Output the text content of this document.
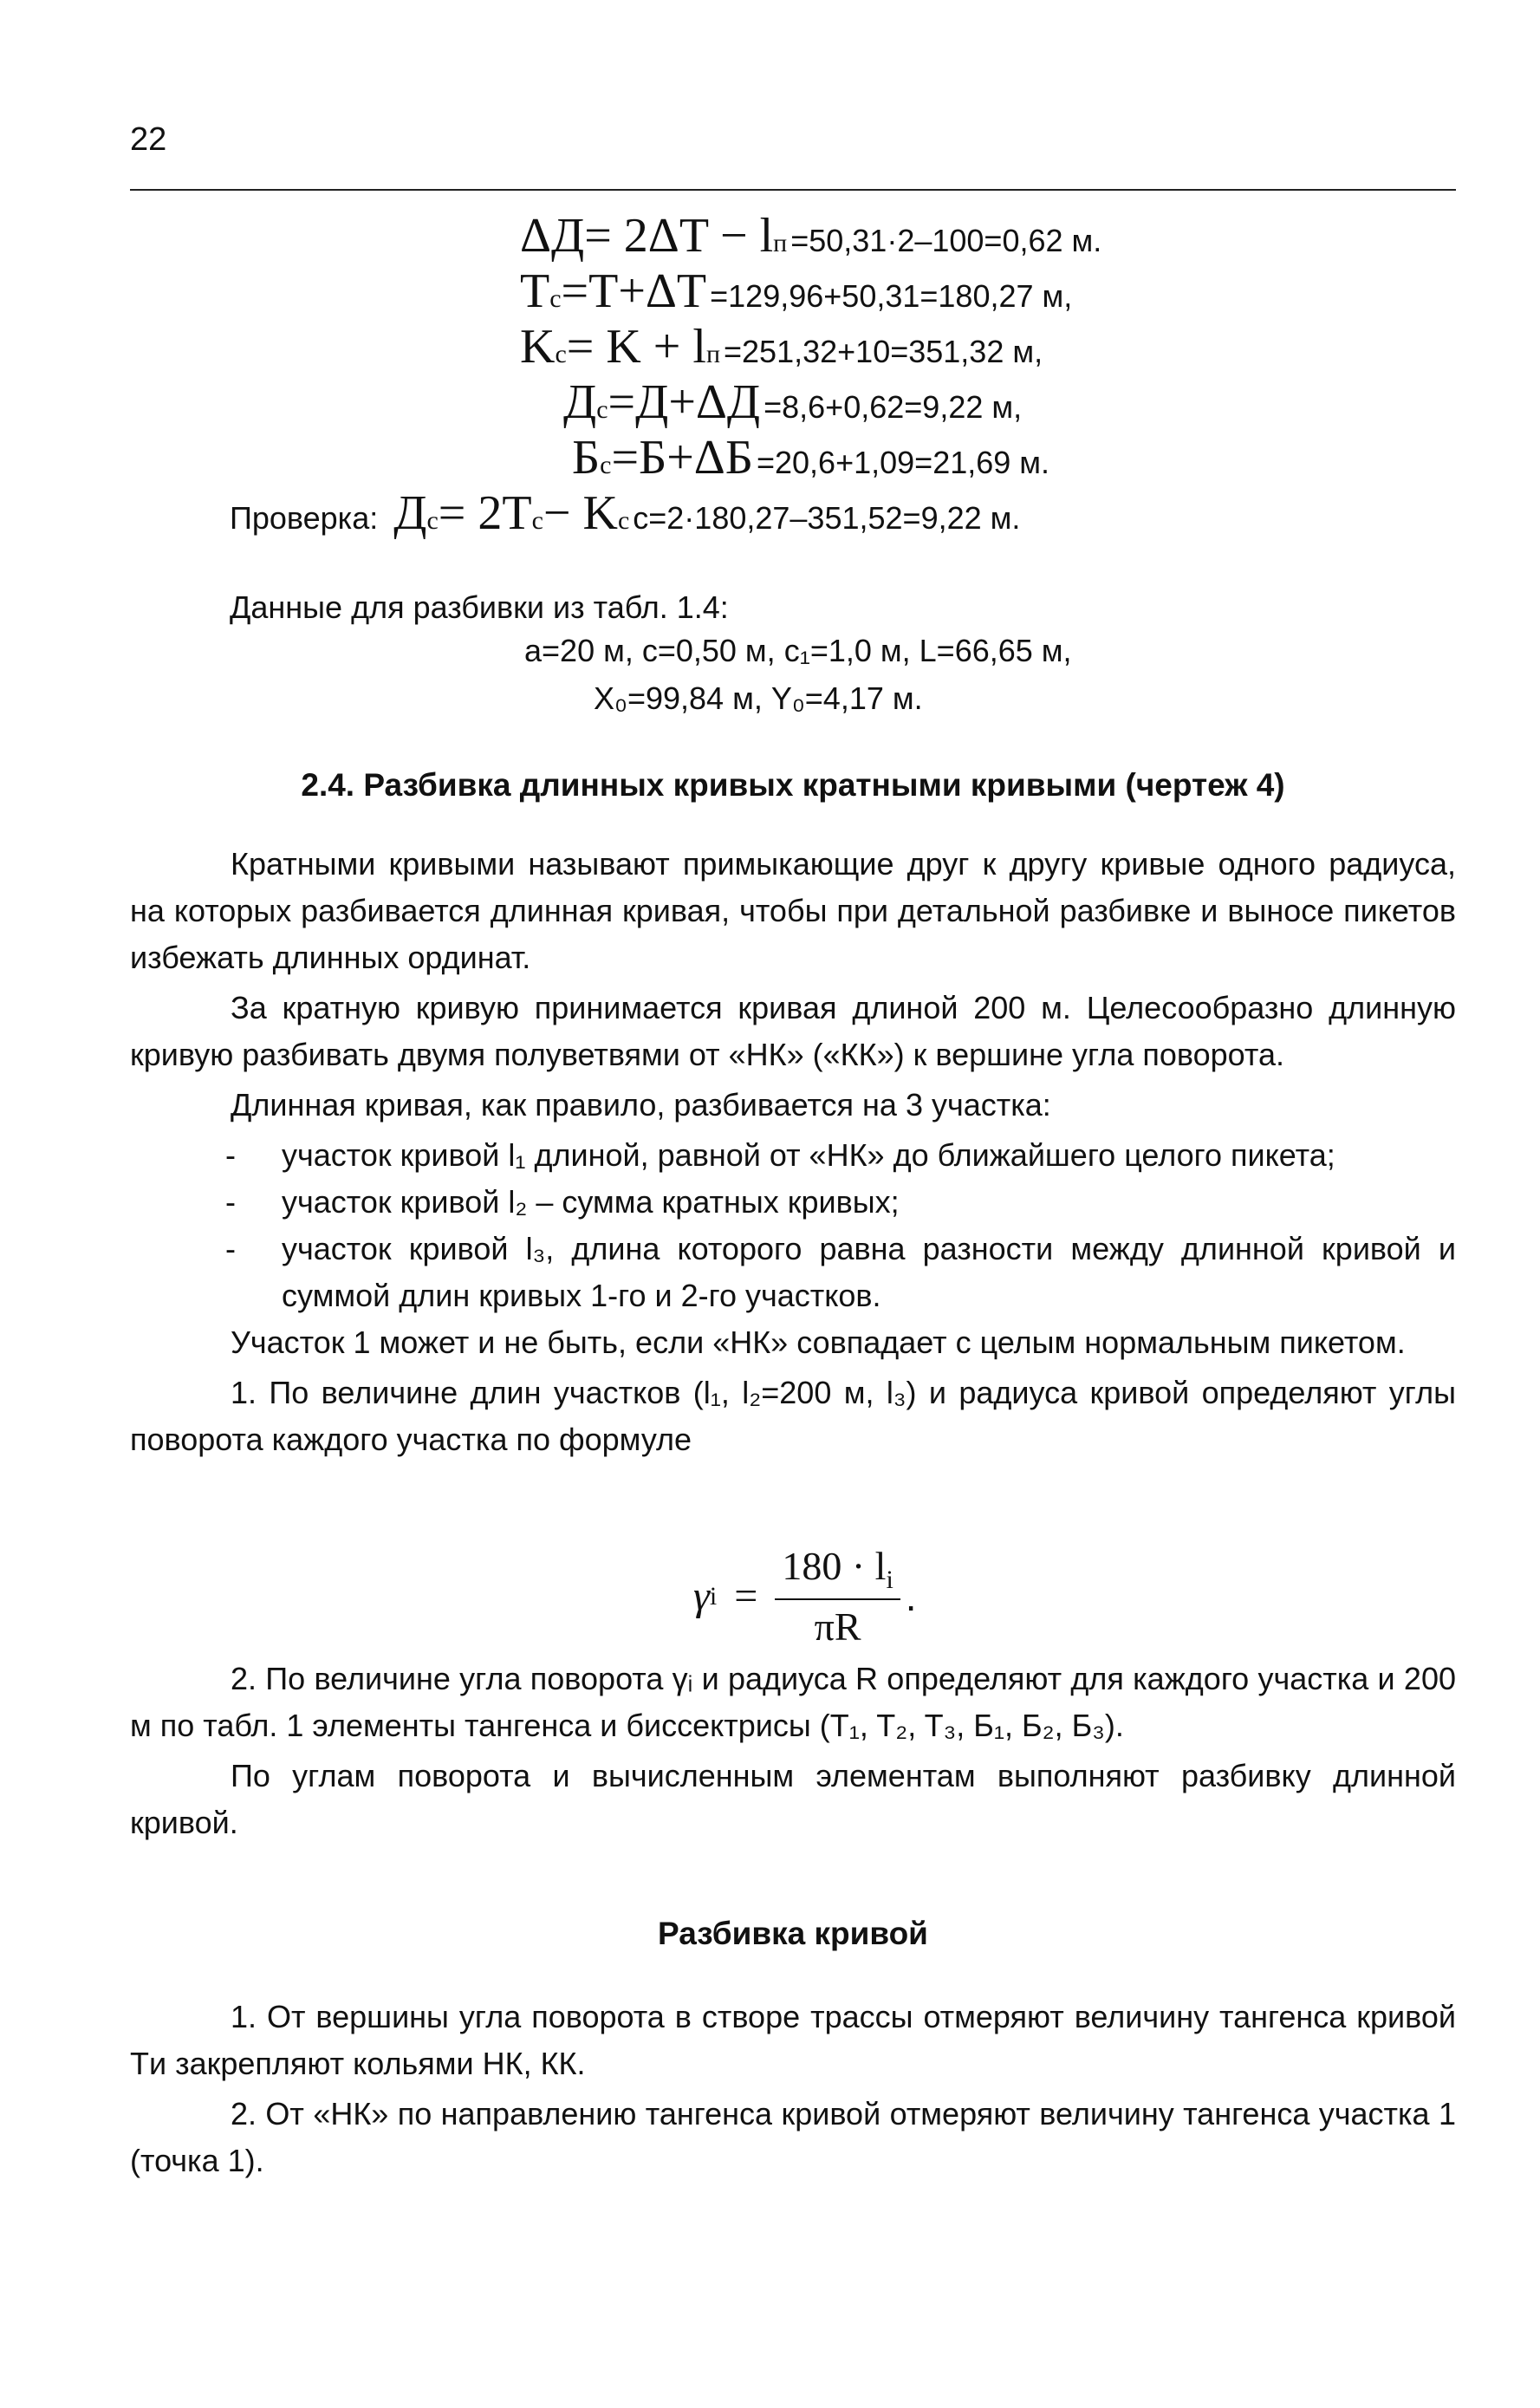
22
ΔД = 2ΔT − l п =50,31·2–100=0,62 м.
T с =T+ΔT =129,96+50,31=180,27 м,
K с = K + l п =251,32+10=351,32 м,
Д с =Д+ΔД =8,6+0,62=9,22 м,
Б с =Б+ΔБ =20,6+1,09=21,69 м.
Проверка: Д с = 2T с − K с с=2·180,27–351,52=9,22 м.
Данные для разбивки из табл. 1.4:
a=20 м, с=0,50 м, с₁=1,0 м, L=66,65 м,
X₀=99,84 м, Y₀=4,17 м.
2.4. Разбивка длинных кривых кратными кривыми (чертеж 4)

Кратными кривыми называют примыкающие друг к другу кривые одного радиуса, на которых разбивается длинная кривая, чтобы при детальной разбивке и выносе пикетов избежать длинных ординат.

За кратную кривую принимается кривая длиной 200 м. Целесообразно длинную кривую разбивать двумя полуветвями от «НК» («КК») к вершине угла поворота.

Длинная кривая, как правило, разбивается на 3 участка:

- участок кривой l₁ длиной, равной от «НК» до ближайшего целого пикета;
- участок кривой l₂ – сумма кратных кривых;
- участок кривой l₃, длина которого равна разности между длинной кривой и суммой длин кривых 1-го и 2-го участков.

Участок 1 может и не быть, если «НК» совпадает с целым нормальным пикетом.

1. По величине длин участков (l₁, l₂=200 м, l₃) и радиуса кривой определяют углы поворота каждого участка по формуле

γ $i = \frac{180 \cdot l_i}{\pi R}$ .

2. По величине угла поворота γᵢ и радиуса R определяют для каждого участка и 200 м по табл. 1 элементы тангенса и биссектрисы (T₁, T₂, T₃, Б₁, Б₂, Б₃).

По углам поворота и вычисленным элементам выполняют разбивку длинной кривой.

Разбивка кривой

1. От вершины угла поворота в створе трассы отмеряют величину тангенса кривой Tи закрепляют кольями НК, КК.

2. От «НК» по направлению тангенса кривой отмеряют величину тангенса участка 1 (точка 1).
